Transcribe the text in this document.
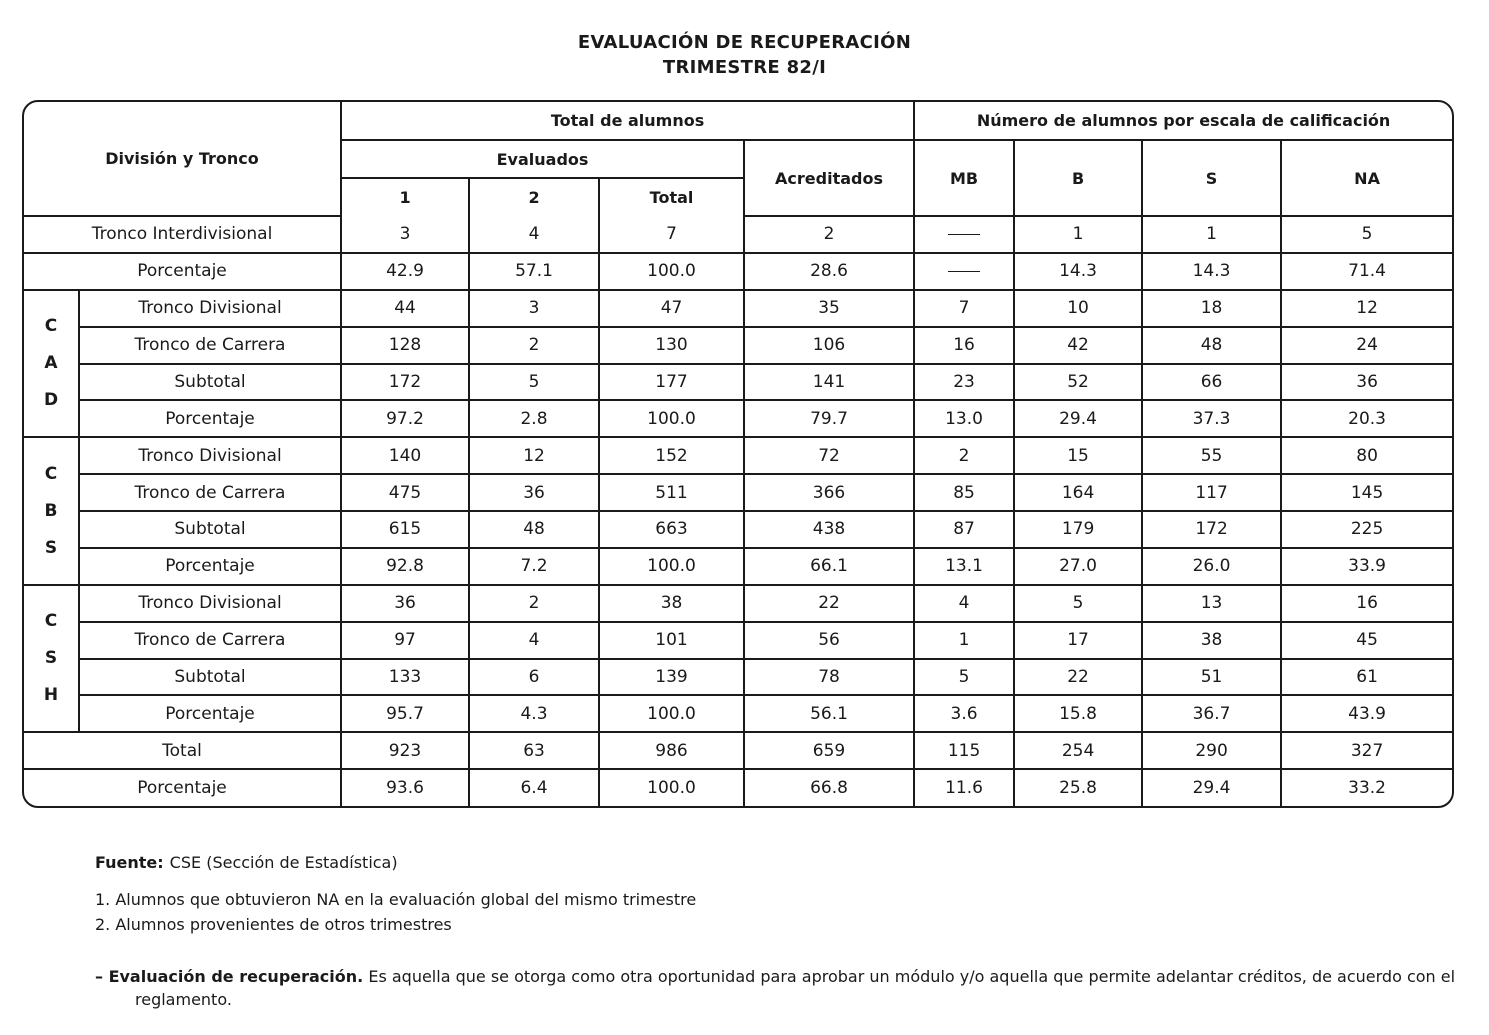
EVALUACIÓN DE RECUPERACIÓN
TRIMESTRE 82/I
División y Tronco		Total de alumnos				Número de alumnos por escala de calificación			
		Evaluados			Acreditados	MB	B	S	NA
		1	2	Total					
Tronco Interdivisional		3	4	7	2		1	1	5
Porcentaje		42.9	57.1	100.0	28.6		14.3	14.3	71.4

C
A
D	Tronco Divisional	44	3	47	35	7	10	18	12
	Tronco de Carrera	128	2	130	106	16	42	48	24
	Subtotal	172	5	177	141	23	52	66	36
	Porcentaje	97.2	2.8	100.0	79.7	13.0	29.4	37.3	20.3

C
B
S	Tronco Divisional	140	12	152	72	2	15	55	80
	Tronco de Carrera	475	36	511	366	85	164	117	145
	Subtotal	615	48	663	438	87	179	172	225
	Porcentaje	92.8	7.2	100.0	66.1	13.1	27.0	26.0	33.9

C
S
H	Tronco Divisional	36	2	38	22	4	5	13	16
	Tronco de Carrera	97	4	101	56	1	17	38	45
	Subtotal	133	6	139	78	5	22	51	61
	Porcentaje	95.7	4.3	100.0	56.1	3.6	15.8	36.7	43.9
Total		923	63	986	659	115	254	290	327
Porcentaje		93.6	6.4	100.0	66.8	11.6	25.8	29.4	33.2
Fuente: CSE (Sección de Estadística)
1. Alumnos que obtuvieron NA en la evaluación global del mismo trimestre
2. Alumnos provenientes de otros trimestres
– Evaluación de recuperación. Es aquella que se otorga como otra oportunidad para aprobar un módulo y/o aquella que permite adelantar créditos, de acuerdo con el
reglamento.
